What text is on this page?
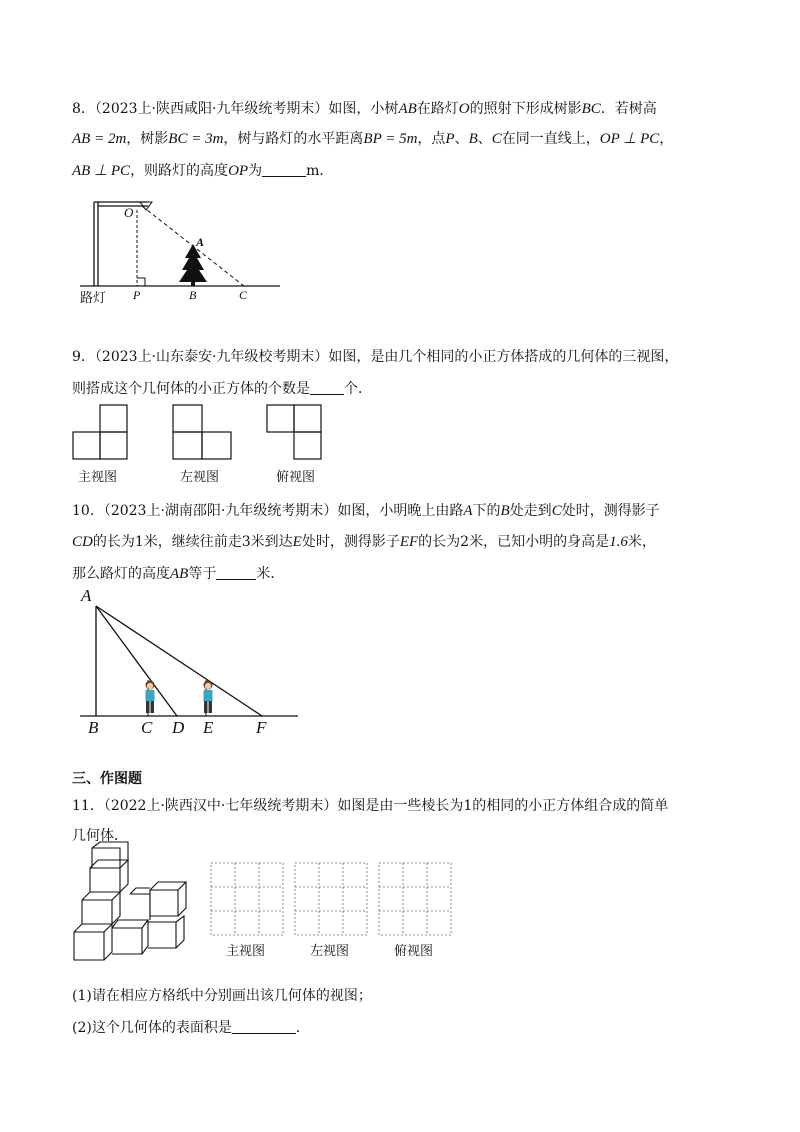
8．（2023上·陕西咸阳·九年级统考期末）如图，小树AB在路灯O的照射下形成树影BC．若树高
AB = 2m，树影BC = 3m，树与路灯的水平距离BP = 5m，点P、B、C在同一直线上，OP ⊥ PC，
AB ⊥ PC，则路灯的高度OP为	m．
O
A
P	B	C
路灯
9．（2023上·山东泰安·九年级校考期末）如图，是由几个相同的小正方体搭成的几何体的三视图，
则搭成这个几何体的小正方体的个数是 个．
主视图	左视图	俯视图
10．（2023上·湖南邵阳·九年级统考期末）如图，小明晚上由路A下的B处走到C处时，测得影子
CD的长为1米，继续往前走3米到达E处时，测得影子EF的长为2米，已知小明的身高是1.6米，
那么路灯的高度AB等于	米．
A
B	C D E	F
三、作图题
11．（2022上·陕西汉中·七年级统考期末）如图是由一些棱长为1的相同的小正方体组合成的简单
几何体．
主视图	左视图	俯视图
(1)请在相应方格纸中分别画出该几何体的视图；
(2)这个几何体的表面积是	．
